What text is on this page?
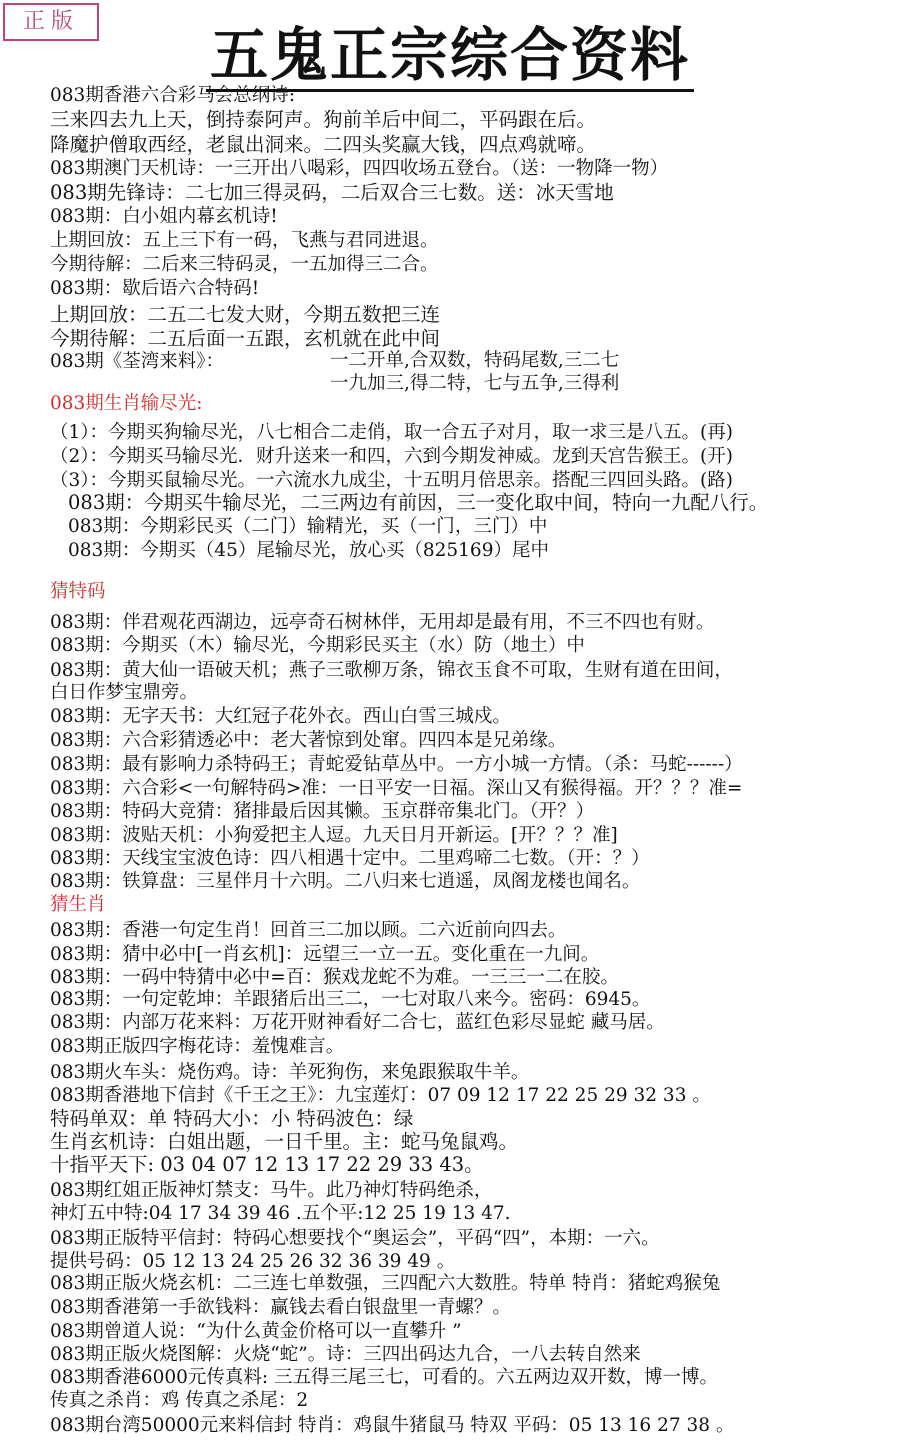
正版	五鬼正宗综合资料
083期香港六合彩马会总纲诗:
三来四去九上天，倒持泰阿声。狗前羊后中间二，平码跟在后。
降魔护僧取西经，老鼠出洞来。二四头奖赢大钱，四点鸡就啼。
083期澳门天机诗：一三开出八喝彩，四四收场五登台。（送：一物降一物）
083期先锋诗：二七加三得灵码，二后双合三七数。送：冰天雪地
083期：白小姐内幕玄机诗!
上期回放：五上三下有一码，飞燕与君同进退。
今期待解：二后来三特码灵，一五加得三二合。
083期：歇后语六合特码!
上期回放：二五二七发大财，今期五数把三连
今期待解：二五后面一五跟，玄机就在此中间
083期《荃湾来料》：	一二开单,合双数，特码尾数,三二七
一九加三,得二特，七与五争,三得利
083期生肖输尽光:
（1）：今期买狗输尽光，八七相合二走俏，取一合五子对月，取一求三是八五。(再)
（2）：今期买马输尽光．财升送来一和四，六到今期发神威。龙到天宫告猴王。(开)
（3）：今期买鼠输尽光。一六流水九成尘，十五明月倍思亲。搭配三四回头路。(路)
083期：今期买牛输尽光，二三两边有前因，三一变化取中间，特向一九配八行。
083期：今期彩民买（二门）输精光，买（一门，三门）中
083期：今期买（45）尾输尽光，放心买（825169）尾中
猜特码
083期：伴君观花西湖边，远亭奇石树林伴，无用却是最有用，不三不四也有财。
083期：今期买（木）输尽光，今期彩民买主（水）防（地土）中
083期：黄大仙一语破天机；燕子三歌柳万条，锦衣玉食不可取，生财有道在田间，
白日作梦宝鼎旁。
083期：无字天书：大红冠子花外衣。西山白雪三城戍。
083期：六合彩猜透必中：老大著惊到处窜。四四本是兄弟缘。
083期：最有影响力杀特码王；青蛇爱钻草丛中。一方小城一方情。（杀：马蛇------）
083期：六合彩<一句解特码>准：一日平安一日福。深山又有猴得福。开？？？准=
083期：特码大竞猜：猪排最后因其懒。玉京群帝集北门。（开？）
083期：波贴天机：小狗爱把主人逗。九天日月开新运。[开？？？准]
083期：天线宝宝波色诗：四八相遇十定中。二里鸡啼二七数。（开：？）
083期：铁算盘：三星伴月十六明。二八归来七逍遥，凤阁龙楼也闻名。
猜生肖
083期：香港一句定生肖！回首三二加以顾。二六近前向四去。
083期：猜中必中[一肖玄机]：远望三一立一五。变化重在一九间。
083期：一码中特猜中必中=百：猴戏龙蛇不为难。一三三一二在胶。
083期：一句定乾坤：羊跟猪后出三二，一七对取八来今。密码：6945。
083期：内部万花来料：万花开财神看好二合七，蓝红色彩尽显蛇 藏马居。
083期正版四字梅花诗：羞愧难言。
083期火车头：烧伤鸡。诗：羊死狗伤，来兔跟猴取牛羊。
083期香港地下信封《千王之王》：九宝莲灯：07 09 12 17 22 25 29 32 33 。
特码单双：单 特码大小：小 特码波色：绿
生肖玄机诗：白姐出题，一日千里。主：蛇马兔鼠鸡。
十指平天下: 03 04 07 12 13 17 22 29 33 43。
083期红姐正版神灯禁支：马牛。此乃神灯特码绝杀，
神灯五中特:04 17 34 39 46 .五个平:12 25 19 13 47.
083期正版特平信封：特码心想要找个“奥运会”，平码“四”，本期：一六。
提供号码：05 12 13 24 25 26 32 36 39 49 。
083期正版火烧玄机：二三连七单数强，三四配六大数胜。特单 特肖：猪蛇鸡猴兔
083期香港第一手欲钱料：赢钱去看白银盘里一青螺？。
083期曾道人说：“为什么黄金价格可以一直攀升 ”
083期正版火烧图解：火烧“蛇”。诗：三四出码达九合，一八去转自然来
083期香港6000元传真料: 三五得三尾三七，可看的。六五两边双开数，博一博。
传真之杀肖：鸡 传真之杀尾：2
083期台湾50000元来料信封 特肖：鸡鼠牛猪鼠马 特双 平码：05 13 16 27 38 。
